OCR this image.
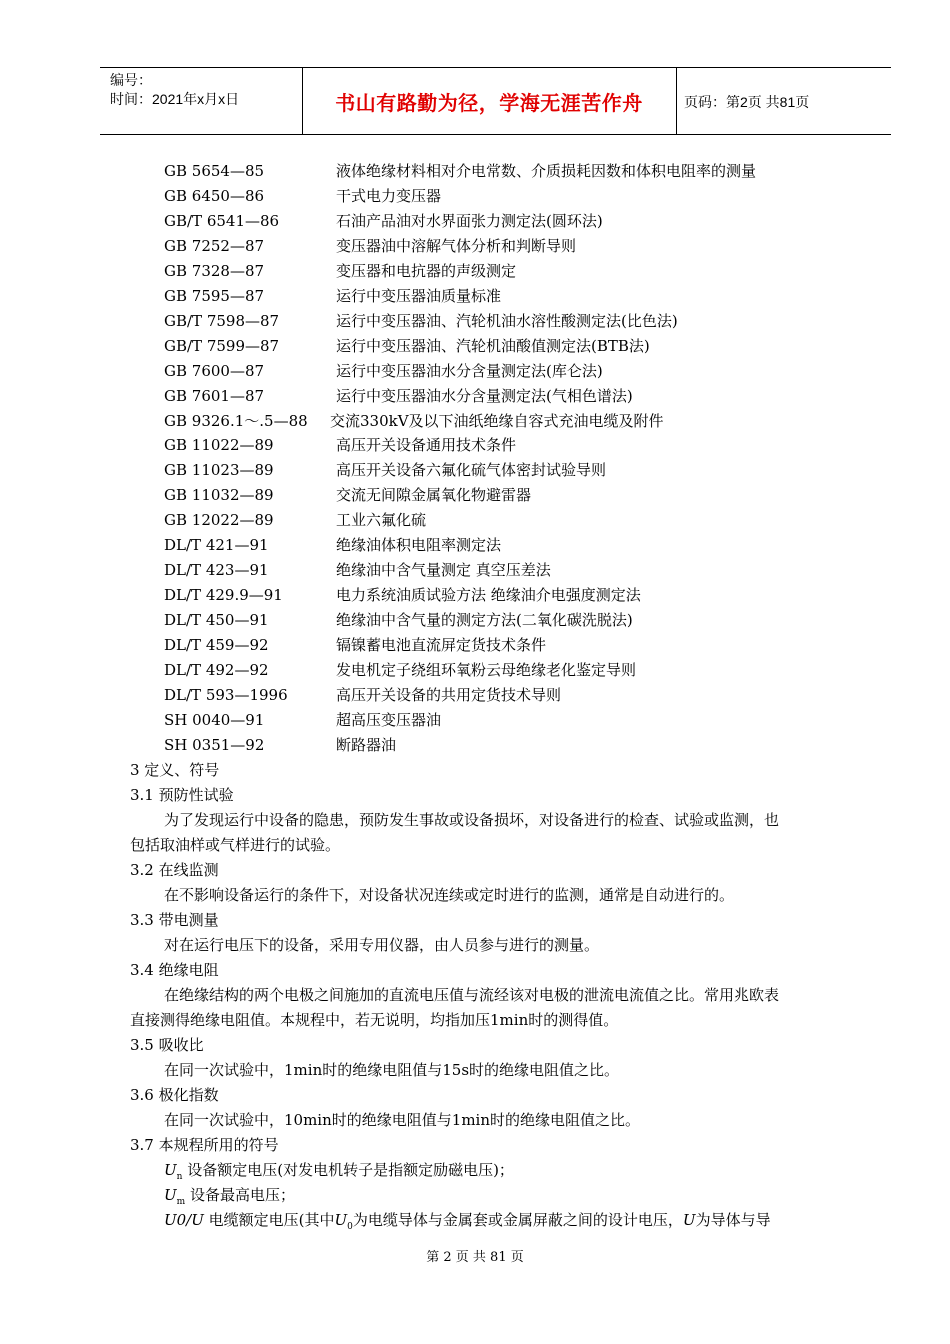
编号：
时间：2021年x月x日	书山有路勤为径，学海无涯苦作舟	页码：第2页 共81页
GB 5654—85	液体绝缘材料相对介电常数、介质损耗因数和体积电阻率的测量
GB 6450—86	干式电力变压器
GB/T 6541—86	石油产品油对水界面张力测定法(圆环法)
GB 7252—87	变压器油中溶解气体分析和判断导则
GB 7328—87	变压器和电抗器的声级测定
GB 7595—87	运行中变压器油质量标准
GB/T 7598—87	运行中变压器油、汽轮机油水溶性酸测定法(比色法)
GB/T 7599—87	运行中变压器油、汽轮机油酸值测定法(BTB法)
GB 7600—87	运行中变压器油水分含量测定法(库仑法)
GB 7601—87	运行中变压器油水分含量测定法(气相色谱法)
GB 9326.1～.5—88 交流330kV及以下油纸绝缘自容式充油电缆及附件
GB 11022—89	高压开关设备通用技术条件
GB 11023—89	高压开关设备六氟化硫气体密封试验导则
GB 11032—89	交流无间隙金属氧化物避雷器
GB 12022—89	工业六氟化硫
DL/T 421—91	绝缘油体积电阻率测定法
DL/T 423—91	绝缘油中含气量测定 真空压差法
DL/T 429.9—91	电力系统油质试验方法 绝缘油介电强度测定法
DL/T 450—91	绝缘油中含气量的测定方法(二氧化碳洗脱法)
DL/T 459—92	镉镍蓄电池直流屏定货技术条件
DL/T 492—92	发电机定子绕组环氧粉云母绝缘老化鉴定导则
DL/T 593—1996	高压开关设备的共用定货技术导则
SH 0040—91	超高压变压器油
SH 0351—92	断路器油
3 定义、符号
3.1 预防性试验
为了发现运行中设备的隐患，预防发生事故或设备损坏，对设备进行的检查、试验或监测，也
包括取油样或气样进行的试验。
3.2 在线监测
在不影响设备运行的条件下，对设备状况连续或定时进行的监测，通常是自动进行的。
3.3 带电测量
对在运行电压下的设备，采用专用仪器，由人员参与进行的测量。
3.4 绝缘电阻
在绝缘结构的两个电极之间施加的直流电压值与流经该对电极的泄流电流值之比。常用兆欧表
直接测得绝缘电阻值。本规程中，若无说明，均指加压1min时的测得值。
3.5 吸收比
在同一次试验中，1min时的绝缘电阻值与15s时的绝缘电阻值之比。
3.6 极化指数
在同一次试验中，10min时的绝缘电阻值与1min时的绝缘电阻值之比。
3.7 本规程所用的符号
$U_n$ 设备额定电压(对发电机转子是指额定励磁电压)；
$U_m$ 设备最高电压；
U0/U 电缆额定电压(其中$U_0$为电缆导体与金属套或金属屏蔽之间的设计电压，U为导体与导
第 2 页 共 81 页
